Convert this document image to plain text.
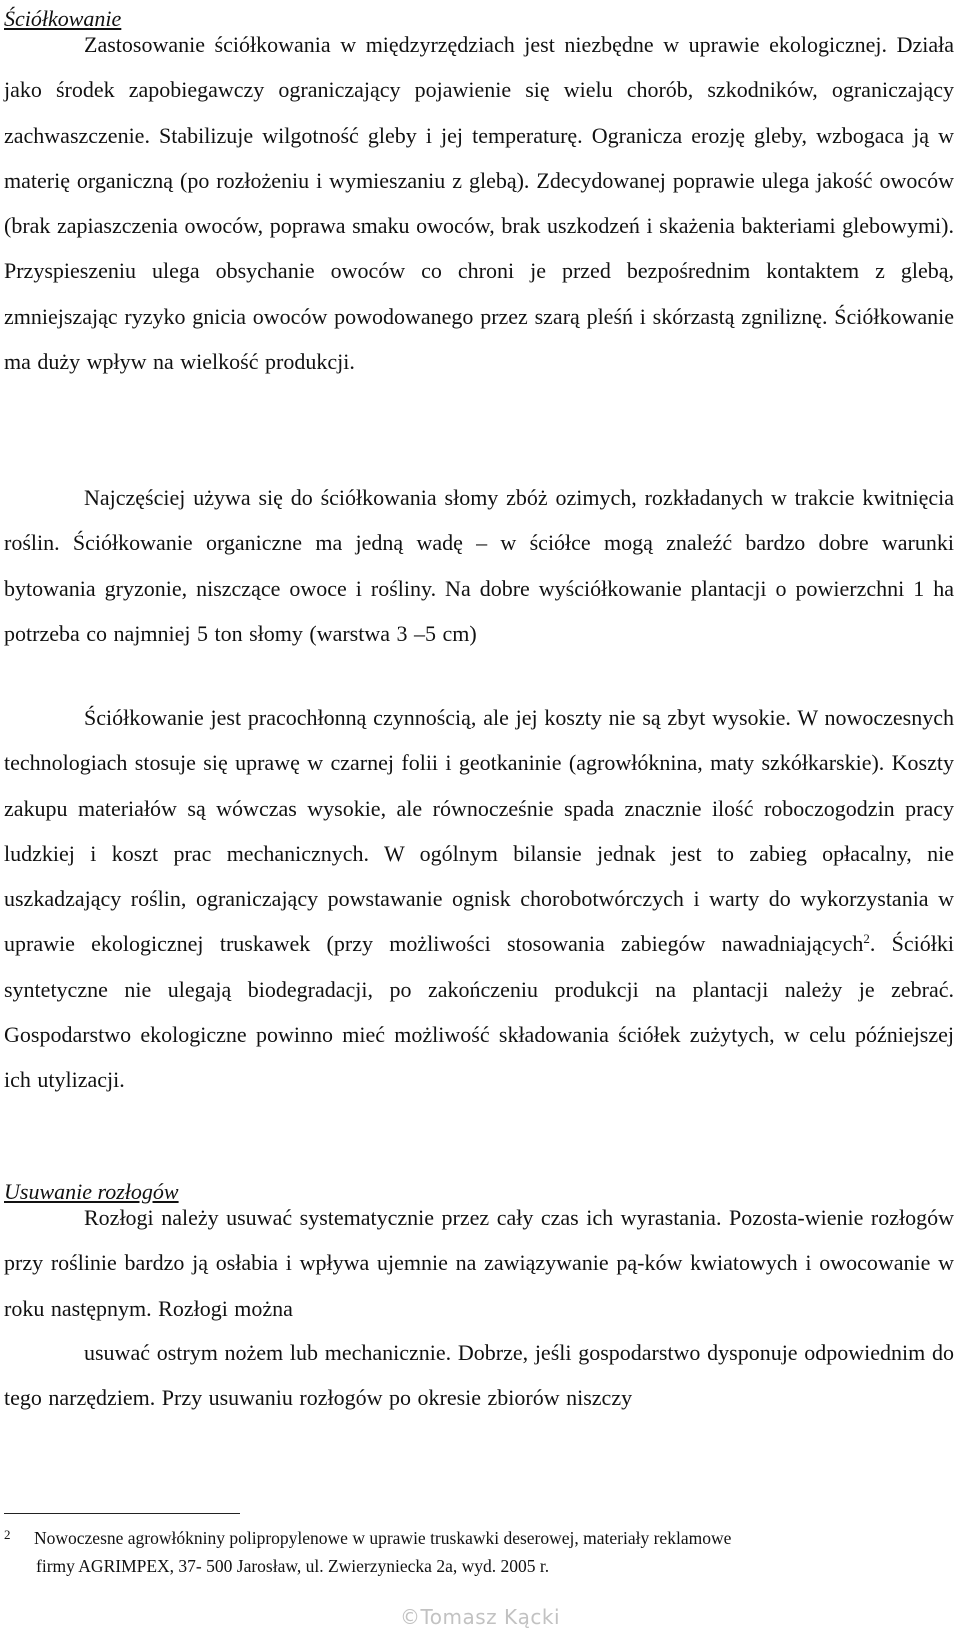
Ściółkowanie

Zastosowanie ściółkowania w międzyrzędziach jest niezbędne w uprawie ekologicznej. Działa jako środek zapobiegawczy ograniczający pojawienie się wielu chorób, szkodników, ograniczający zachwaszczenie. Stabilizuje wilgotność gleby i jej temperaturę. Ogranicza erozję gleby, wzbogaca ją w materię organiczną (po rozłożeniu i wymieszaniu z glebą). Zdecydowanej poprawie ulega jakość owoców (brak zapiaszczenia owoców, poprawa smaku owoców, brak uszkodzeń i skażenia bakteriami glebowymi). Przyspieszeniu ulega obsychanie owoców co chroni je przed bezpośrednim kontaktem z glebą, zmniejszając ryzyko gnicia owoców powodowanego przez szarą pleśń i skórzastą zgniliznę. Ściółkowanie ma duży wpływ na wielkość produkcji.

Najczęściej używa się do ściółkowania słomy zbóż ozimych, rozkładanych w trakcie kwitnięcia roślin. Ściółkowanie organiczne ma jedną wadę – w ściółce mogą znaleźć bardzo dobre warunki bytowania gryzonie, niszczące owoce i rośliny. Na dobre wyściółkowanie plantacji o powierzchni 1 ha potrzeba co najmniej 5 ton słomy (warstwa 3 –5 cm)

Ściółkowanie jest pracochłonną czynnością, ale jej koszty nie są zbyt wysokie. W nowoczesnych technologiach stosuje się uprawę w czarnej folii i geotkaninie (agrowłóknina, maty szkółkarskie). Koszty zakupu materiałów są wówczas wysokie, ale równocześnie spada znacznie ilość roboczogodzin pracy ludzkiej i koszt prac mechanicznych. W ogólnym bilansie jednak jest to zabieg opłacalny, nie uszkadzający roślin, ograniczający powstawanie ognisk chorobotwórczych i warty do wykorzystania w uprawie ekologicznej truskawek (przy możliwości stosowania zabiegów nawadniających$^2$. Ściółki syntetyczne nie ulegają biodegradacji, po zakończeniu produkcji na plantacji należy je zebrać. Gospodarstwo ekologiczne powinno mieć możliwość składowania ściółek zużytych, w celu późniejszej ich utylizacji.

Usuwanie rozłogów

Rozłogi należy usuwać systematycznie przez cały czas ich wyrastania. Pozosta-wienie rozłogów przy roślinie bardzo ją osłabia i wpływa ujemnie na zawiązywanie pą-ków kwiatowych i owocowanie w roku następnym. Rozłogi można

usuwać ostrym nożem lub mechanicznie. Dobrze, jeśli gospodarstwo dysponuje odpowiednim do tego narzędziem. Przy usuwaniu rozłogów po okresie zbiorów niszczy

2 Nowoczesne agrowłókniny polipropylenowe w uprawie truskawki deserowej, materiały reklamowe
firmy AGRIMPEX, 37- 500 Jarosław, ul. Zwierzyniecka 2a, wyd. 2005 r.
©Tomasz Kącki
